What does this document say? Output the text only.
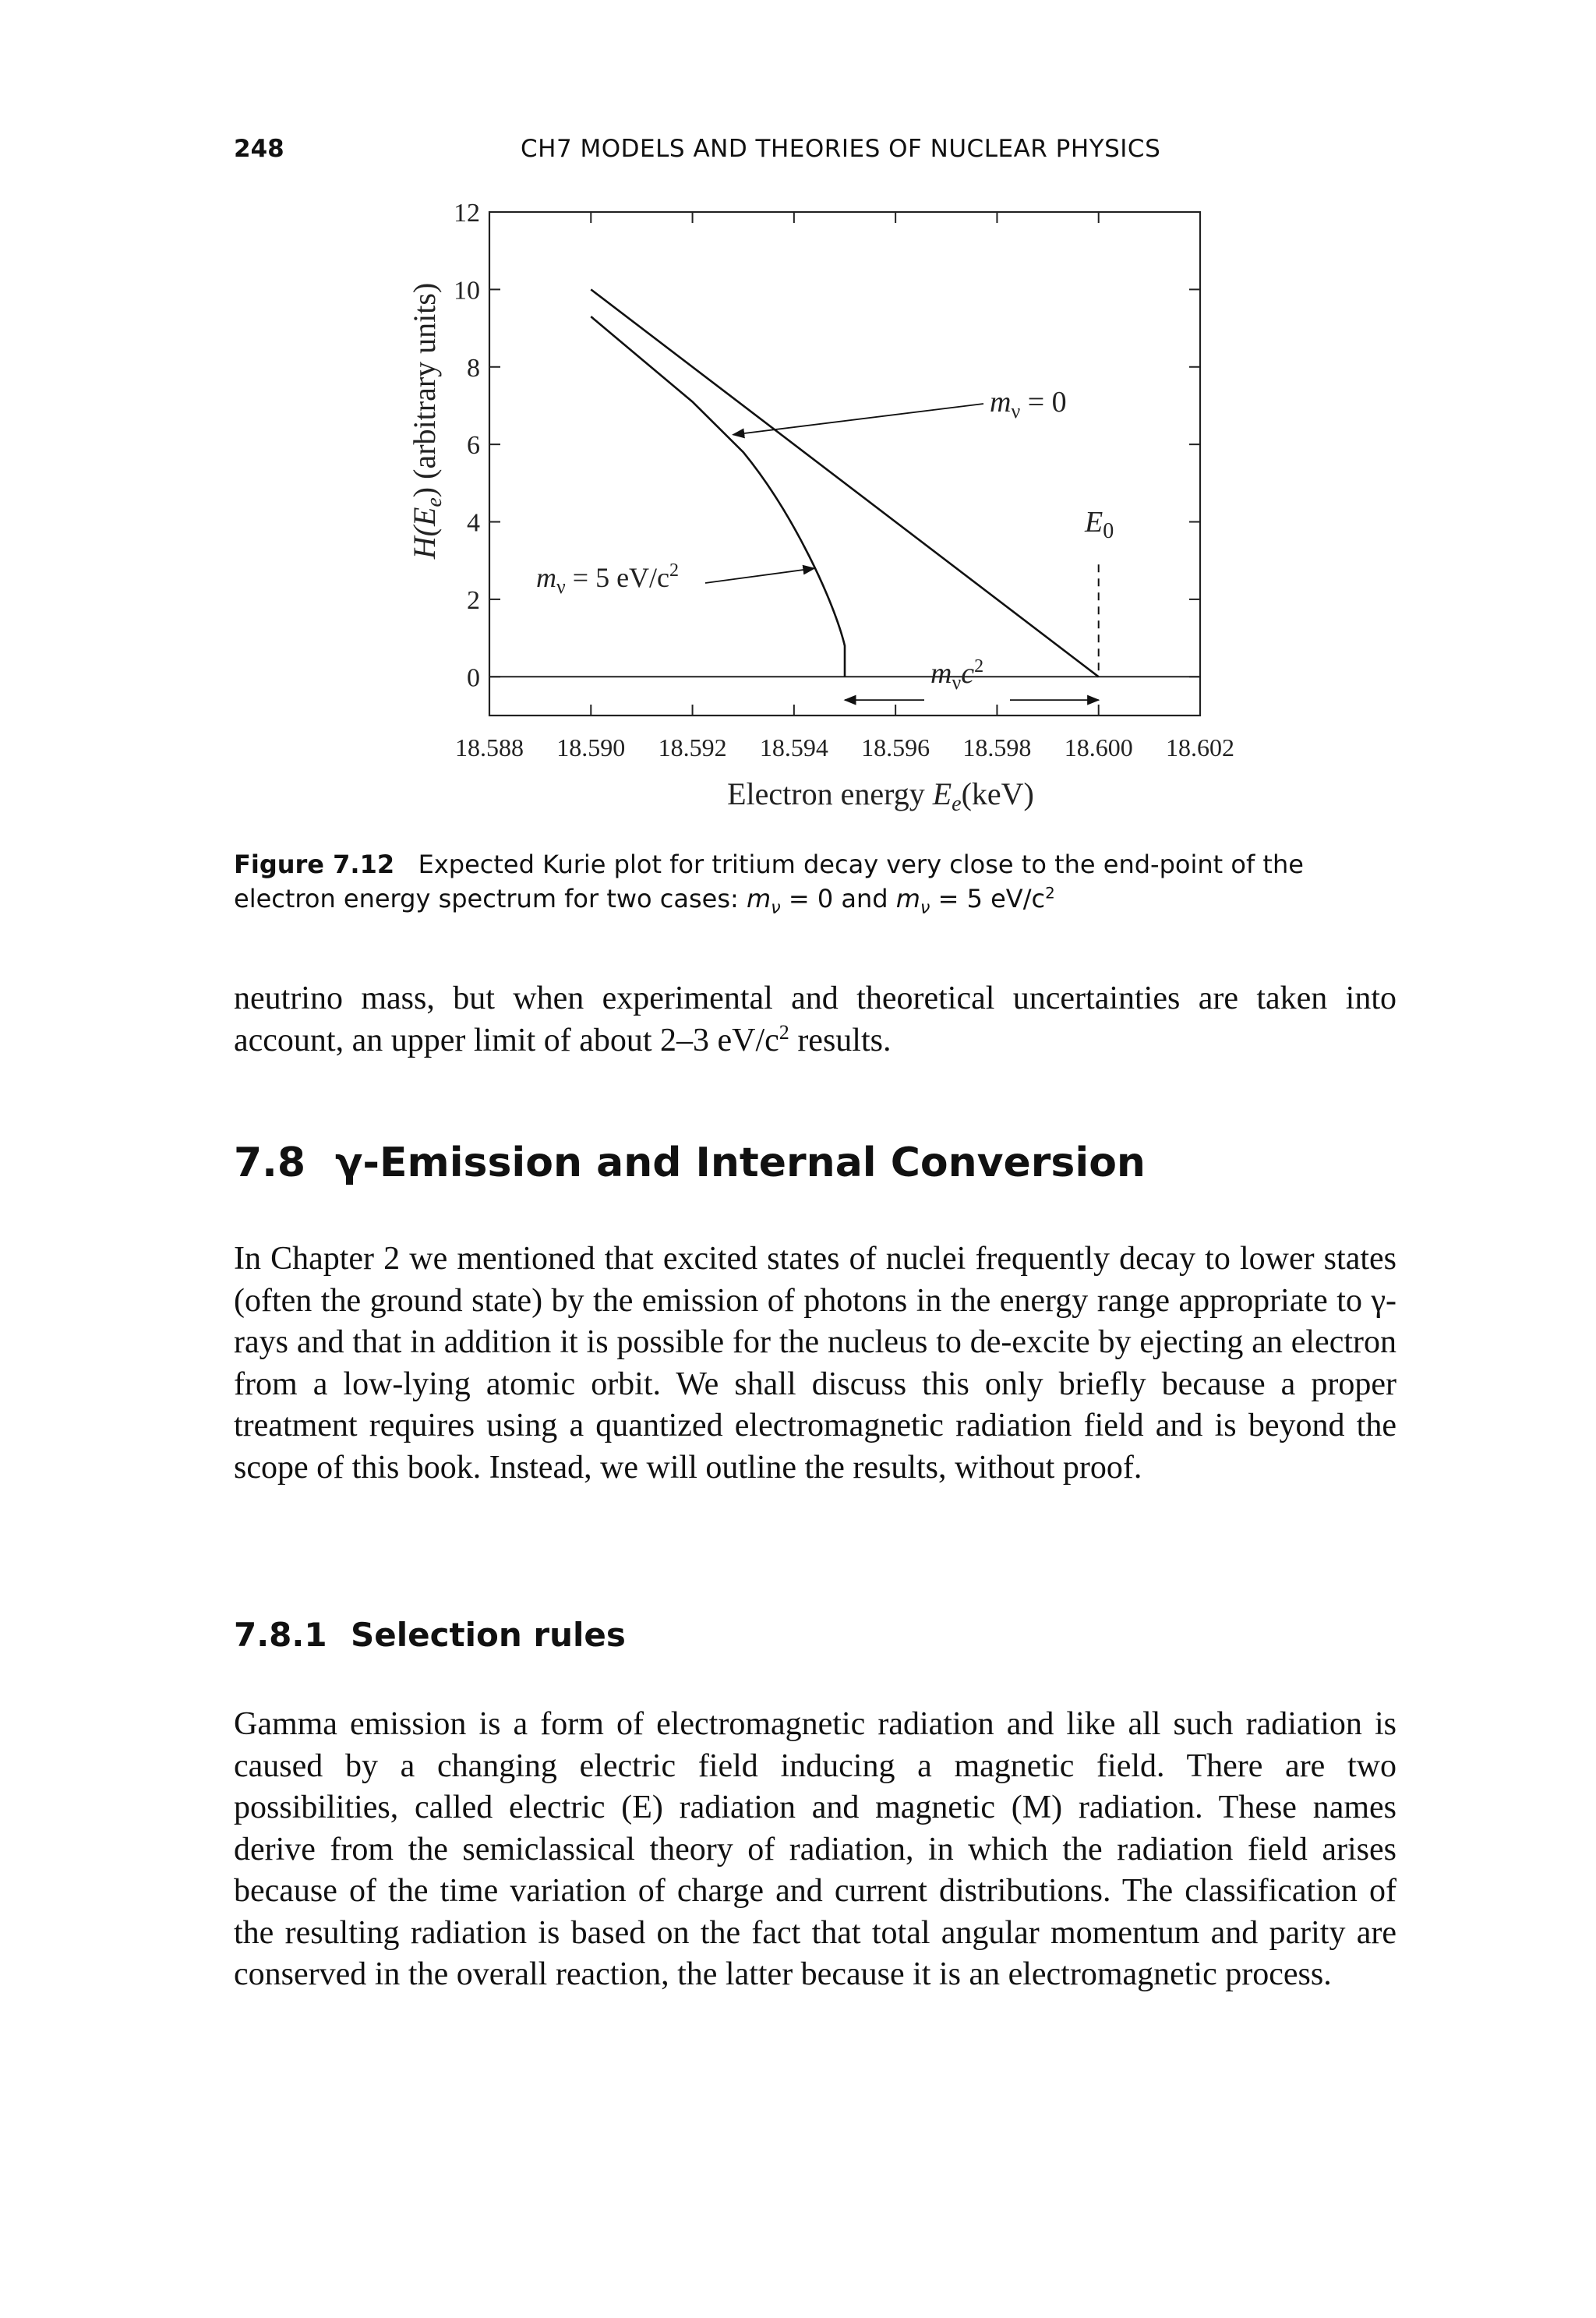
248	CH7 MODELS AND THEORIES OF NUCLEAR PHYSICS
0
2
4
6
8
10
12
18.588 18.590 18.592 18.594 18.596 18.598 18.600 18.602
Electron energy $E_e(keV)$
$H(E_e)$ (arbitrary units)	$m_\nu = 0$
$m_\nu = 5$ $eV/c^2$
$E_0$
$m_\nu c^2$
Figure 7.12 Expected Kurie plot for tritium decay very close to the end-point of the electron energy spectrum for two cases: $m_\nu = 0$ and $m_\nu = 5$ $eV/c^2$

neutrino mass, but when experimental and theoretical uncertainties are taken into account, an upper limit of about 2–3 $eV/c^2$ results.

7.8 γ-Emission and Internal Conversion

In Chapter 2 we mentioned that excited states of nuclei frequently decay to lower states (often the ground state) by the emission of photons in the energy range appropriate to γ-rays and that in addition it is possible for the nucleus to de-excite by ejecting an electron from a low-lying atomic orbit. We shall discuss this only briefly because a proper treatment requires using a quantized electromagnetic radiation field and is beyond the scope of this book. Instead, we will outline the results, without proof.

7.8.1 Selection rules

Gamma emission is a form of electromagnetic radiation and like all such radiation is caused by a changing electric field inducing a magnetic field. There are two possibilities, called electric (E) radiation and magnetic (M) radiation. These names derive from the semiclassical theory of radiation, in which the radiation field arises because of the time variation of charge and current distributions. The classification of the resulting radiation is based on the fact that total angular momentum and parity are conserved in the overall reaction, the latter because it is an electromagnetic process.
